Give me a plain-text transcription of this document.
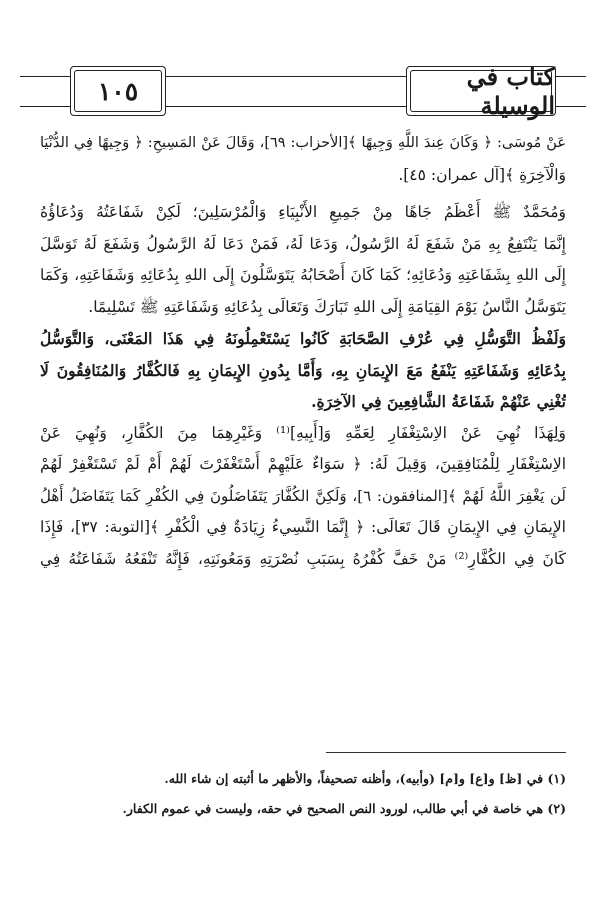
كتاب في الوسيلة
١٠٥
عَنْ مُوسَى: ﴿ وَكَانَ عِندَ اللَّهِ وَجِيهًا ﴾[الأحزاب: ٦٩]، وَقَالَ عَنْ المَسِيحِ: ﴿ وَجِيهًا فِي الدُّنْيَا
وَالْآخِرَةِ ﴾[آل عمران: ٤٥].
وَمُحَمَّدٌ ﷺ أَعْظَمُ جَاهًا مِنْ جَمِيعِ الأَنْبِيَاءِ وَالْمُرْسَلِينَ؛ لَكِنْ شَفَاعَتُهُ وَدُعَاؤُهُ
إِنَّمَا يَنْتَفِعُ بِهِ مَنْ شَفَعَ لَهُ الرَّسُولُ، وَدَعَا لَهُ، فَمَنْ دَعَا لَهُ الرَّسُولُ وَشَفَعَ لَهُ تَوَسَّلَ
إِلَى اللهِ بِشَفَاعَتِهِ وَدُعَائِهِ؛ كَمَا كَانَ أَصْحَابُهُ يَتَوَسَّلُونَ إِلَى اللهِ بِدُعَائِهِ وَشَفَاعَتِهِ، وَكَمَا
يَتَوَسَّلُ النَّاسُ يَوْمَ القِيَامَةِ إِلَى اللهِ تَبَارَكَ وَتَعَالَى بِدُعَائِهِ وَشَفَاعَتِهِ ﷺ تَسْلِيمًا.
وَلَفْظُ التَّوَسُّلِ فِي عُرْفِ الصَّحَابَةِ كَانُوا يَسْتَعْمِلُونَهُ فِي هَذَا المَعْنَى، وَالتَّوَسُّلُ
بِدُعَائِهِ وَشَفَاعَتِهِ يَنْفَعُ مَعَ الإِيمَانِ بِهِ، وَأَمَّا بِدُونِ الإِيمَانِ بِهِ فَالكُفَّارُ وَالمُنَافِقُونَ لَا
تُغْنِي عَنْهُمْ شَفَاعَةُ الشَّافِعِينَ فِي الآخِرَةِ.
وَلِهَذَا نُهِيَ عَنْ الاِسْتِغْفَارِ لِعَمِّهِ وَ[أَبِيهِ]⁽¹⁾ وَغَيْرِهِمَا مِنَ الكُفَّارِ، وَنُهِيَ عَنْ
الاِسْتِغْفَارِ لِلْمُنَافِقِينَ، وَقِيلَ لَهُ: ﴿ سَوَاءٌ عَلَيْهِمْ أَسْتَغْفَرْتَ لَهُمْ أَمْ لَمْ تَسْتَغْفِرْ لَهُمْ
لَن يَغْفِرَ اللَّهُ لَهُمْ ﴾[المنافقون: ٦]، وَلَكِنَّ الكُفَّارَ يَتَفَاضَلُونَ فِي الكُفْرِ كَمَا يَتَفَاضَلُ أَهْلُ
الإِيمَانِ فِي الإِيمَانِ قَالَ تَعَالَى: ﴿ إِنَّمَا النَّسِيءُ زِيَادَةٌ فِي الْكُفْرِ ﴾[التوبة: ٣٧]، فَإِذَا
كَانَ فِي الكُفَّارِ⁽²⁾ مَنْ خَفَّ كُفْرُهُ بِسَبَبِ نُصْرَتِهِ وَمَعُونَتِهِ، فَإِنَّهُ تَنْفَعُهُ شَفَاعَتُهُ فِي
(١) في [ظ] و[ع] و[م] (وأبيه)، وأظنه تصحيفاً، والأظهر ما أثبته إن شاء الله.
(٢) هي خاصة في أبي طالب، لورود النص الصحيح في حقه، وليست في عموم الكفار.
